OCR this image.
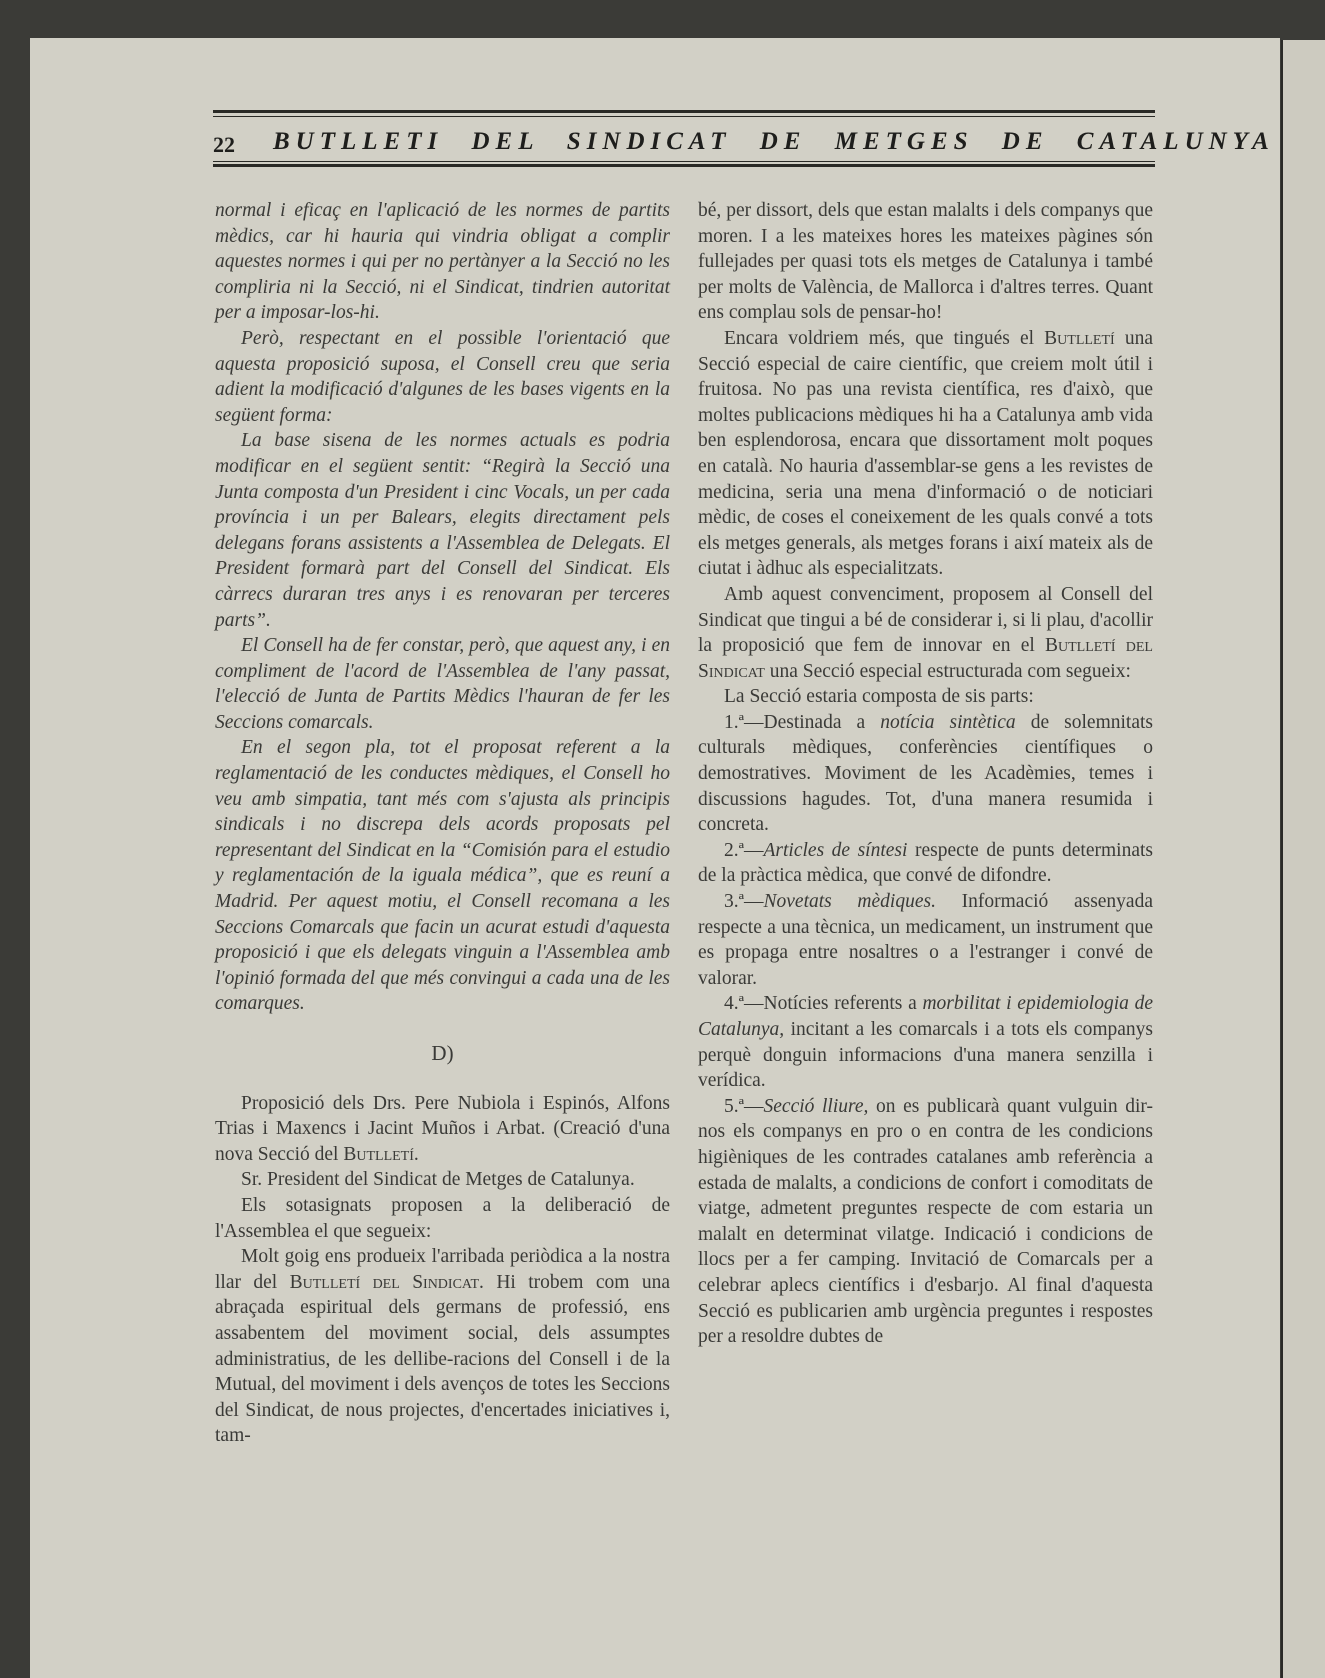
22 BUTLLETI DEL SINDICAT DE METGES DE CATALUNYA

normal i eficaç en l'aplicació de les normes de partits mèdics, car hi hauria qui vindria obligat a complir aquestes normes i qui per no pertànyer a la Secció no les compliria ni la Secció, ni el Sindicat, tindrien autoritat per a imposar-los-hi.

Però, respectant en el possible l'orientació que aquesta proposició suposa, el Consell creu que seria adient la modificació d'algunes de les bases vigents en la següent forma:

La base sisena de les normes actuals es podria modificar en el següent sentit: “Regirà la Secció una Junta composta d'un President i cinc Vocals, un per cada província i un per Balears, elegits directament pels delegans forans assistents a l'Assemblea de Delegats. El President formarà part del Consell del Sindicat. Els càrrecs duraran tres anys i es renovaran per terceres parts”.

El Consell ha de fer constar, però, que aquest any, i en compliment de l'acord de l'Assemblea de l'any passat, l'elecció de Junta de Partits Mèdics l'hauran de fer les Seccions comarcals.

En el segon pla, tot el proposat referent a la reglamentació de les conductes mèdiques, el Consell ho veu amb simpatia, tant més com s'ajusta als principis sindicals i no discrepa dels acords proposats pel representant del Sindicat en la “Comisión para el estudio y reglamentación de la iguala médica”, que es reuní a Madrid. Per aquest motiu, el Consell recomana a les Seccions Comarcals que facin un acurat estudi d'aquesta proposició i que els delegats vinguin a l'Assemblea amb l'opinió formada del que més convingui a cada una de les comarques.

D)

Proposició dels Drs. Pere Nubiola i Espinós, Alfons Trias i Maxencs i Jacint Muños i Arbat. (Creació d'una nova Secció del Butlletí.

Sr. President del Sindicat de Metges de Catalunya.

Els sotasignats proposen a la deliberació de l'Assemblea el que segueix:

Molt goig ens produeix l'arribada periòdica a la nostra llar del Butlletí del Sindicat. Hi trobem com una abraçada espiritual dels germans de professió, ens assabentem del moviment social, dels assumptes administratius, de les dellibe-racions del Consell i de la Mutual, del moviment i dels avenços de totes les Seccions del Sindicat, de nous projectes, d'encertades iniciatives i, tam-

bé, per dissort, dels que estan malalts i dels companys que moren. I a les mateixes hores les mateixes pàgines són fullejades per quasi tots els metges de Catalunya i també per molts de València, de Mallorca i d'altres terres. Quant ens complau sols de pensar-ho!

Encara voldriem més, que tingués el Butlletí una Secció especial de caire científic, que creiem molt útil i fruitosa. No pas una revista científica, res d'això, que moltes publicacions mèdiques hi ha a Catalunya amb vida ben esplendorosa, encara que dissortament molt poques en català. No hauria d'assemblar-se gens a les revistes de medicina, seria una mena d'informació o de noticiari mèdic, de coses el coneixement de les quals convé a tots els metges generals, als metges forans i així mateix als de ciutat i àdhuc als especialitzats.

Amb aquest convenciment, proposem al Consell del Sindicat que tingui a bé de considerar i, si li plau, d'acollir la proposició que fem de innovar en el Butlletí del Sindicat una Secció especial estructurada com segueix:

La Secció estaria composta de sis parts:

1.ª—Destinada a notícia sintètica de solemnitats culturals mèdiques, conferències científiques o demostratives. Moviment de les Acadèmies, temes i discussions hagudes. Tot, d'una manera resumida i concreta.

2.ª—Articles de síntesi respecte de punts determinats de la pràctica mèdica, que convé de difondre.

3.ª—Novetats mèdiques. Informació assenyada respecte a una tècnica, un medicament, un instrument que es propaga entre nosaltres o a l'estranger i convé de valorar.

4.ª—Notícies referents a morbilitat i epidemiologia de Catalunya, incitant a les comarcals i a tots els companys perquè donguin informacions d'una manera senzilla i verídica.

5.ª—Secció lliure, on es publicarà quant vulguin dir-nos els companys en pro o en contra de les condicions higièniques de les contrades catalanes amb referència a estada de malalts, a condicions de confort i comoditats de viatge, admetent preguntes respecte de com estaria un malalt en determinat vilatge. Indicació i condicions de llocs per a fer camping. Invitació de Comarcals per a celebrar aplecs científics i d'esbarjo. Al final d'aquesta Secció es publicarien amb urgència preguntes i respostes per a resoldre dubtes de
